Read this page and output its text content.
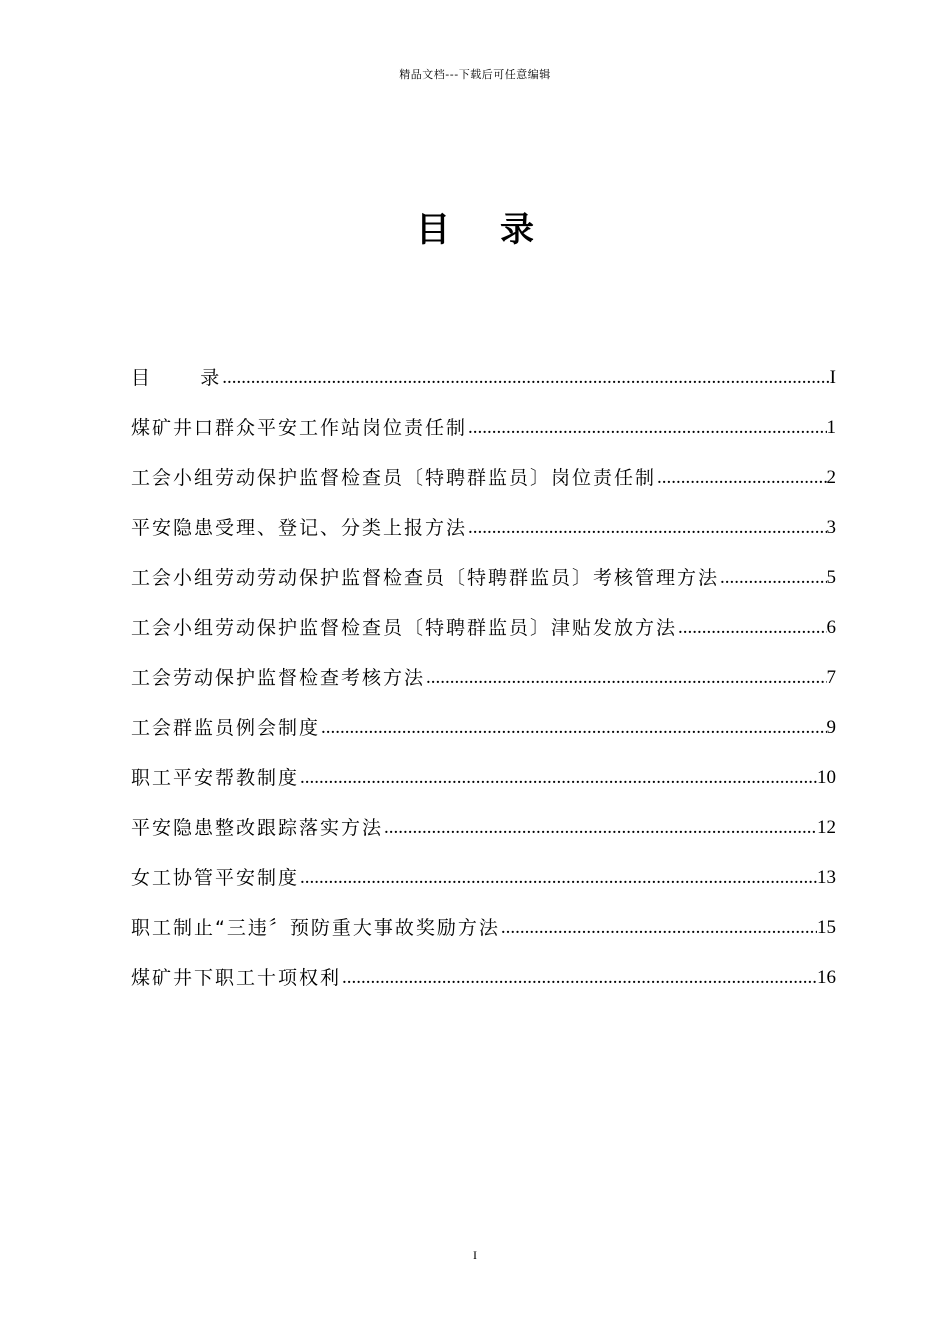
精品文档---下载后可任意编辑
目 录
目      录 .....	I
煤矿井口群众平安工作站岗位责任制 .....	1
工会小组劳动保护监督检查员〔特聘群监员〕岗位责任制 .....	2
平安隐患受理、登记、分类上报方法 .....	3
工会小组劳动劳动保护监督检查员〔特聘群监员〕考核管理方法 .....	5
工会小组劳动保护监督检查员〔特聘群监员〕津贴发放方法 .....	6
工会劳动保护监督检查考核方法 .....	7
工会群监员例会制度 .....	9
职工平安帮教制度 .....	10
平安隐患整改跟踪落实方法 .....	12
女工协管平安制度 .....	13
职工制止“三违〞预防重大事故奖励方法 .....	15
煤矿井下职工十项权利 .....	16
I
